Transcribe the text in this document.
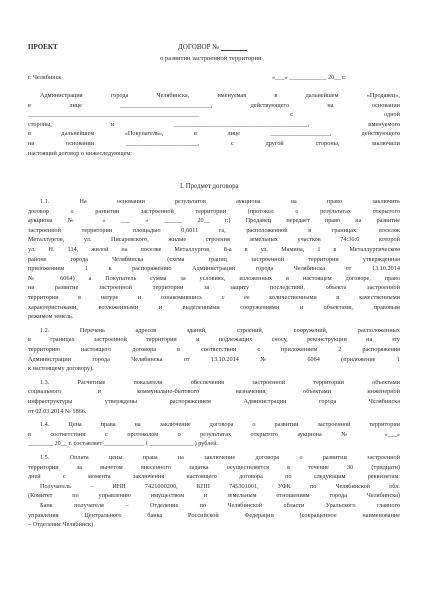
ПРОЕКТ	ДОГОВОР №
о развитии застроенной территории
г. Челябинск	«___» ____________ 20__ г.
Администрация города Челябинска, именуемая в дальнейшем «Продавец»,
в лице _____________________________, действующего на основании
_______________________________________________________ с одной
стороны, и ___________________________________________, именуемого
в дальнейшем «Покупатель», в лице ___________________, действующего
на основании _______________________, с другой стороны, заключили
настоящий договор о нижеследующем:
I. Предмет договора
1.1. На основании результатов аукциона на право заключить
договор о развитии застроенной территории (протокол о результатах открытого
аукциона № « ___ » ______ 20__ г.) Продавец передает право на развитие
застроенной территории площадью 0,6011 га, расположенной в границах: поселок
Металлургов, ул. Писаревского, жилые строения земельных участков 74:36:0 которой
ул. Н. 114, жилой на поселке Металлургов, 8-а в ул. Мамина, 1 в Металлургическом
районе города Челябинска (схема границ застроенной территории утвержденная
приложением 1 к распоряжению Администрации города Челябинска от 13.10.2014
№ 6064) а Покупатель сумма за условиях, изложенных в настоящем договоре, право
на развитие застроенной территории за защиту последствий, объекта застроенной
территории в натуре и ознакомившись с ее количественными и качественными
характеристиками, возложенными и выделенными сооружениями и объектами, правовым
режимом земель.
1.2. Перечень адресов зданий, строений, сооружений, расположенных
в границах застроенной территории и подлежащих сносу, реконструкции на эту
территорию настоящего договора в соответствии с приложением 2 распоряжения
Администрации города Челябинска от 13.10.2014 № 6064 (приложение 1
к настоящему договору).
1.3. Расчетные показатели обеспечения застроенной территории объектами
социального и коммунально-бытового назначения, объектами инженерной
инфраструктуры утверждены распоряжением Администрации города Челябинска
от 02.03.2014 № 1866.
1.4. Цена права на заключение договора о развитии застроенной территории
в соответствии с протоколом о результатах открытого аукциона № «___»
________ 20__ г. составляет _____________ ( ______________ ) рублей.
1.5. Оплата цены права на заключение договора о развитии застроенной
территории за вычетом внесенного задатка осуществляется в течение 30 (тридцати)
дней с момента заключения настоящего договора по следующим реквизитам:
Получатель – ИНН 7421000200, КПП 745301001, УФК по Челябинской обл.
(Комитет по управлению имуществом и земельным отношениям города Челябинска)
Банк получателя – Отделение по Челябинской области Уральского главного
управления Центрального банка Российской Федерации (сокращенное наименование
– Отделение Челябинск)
